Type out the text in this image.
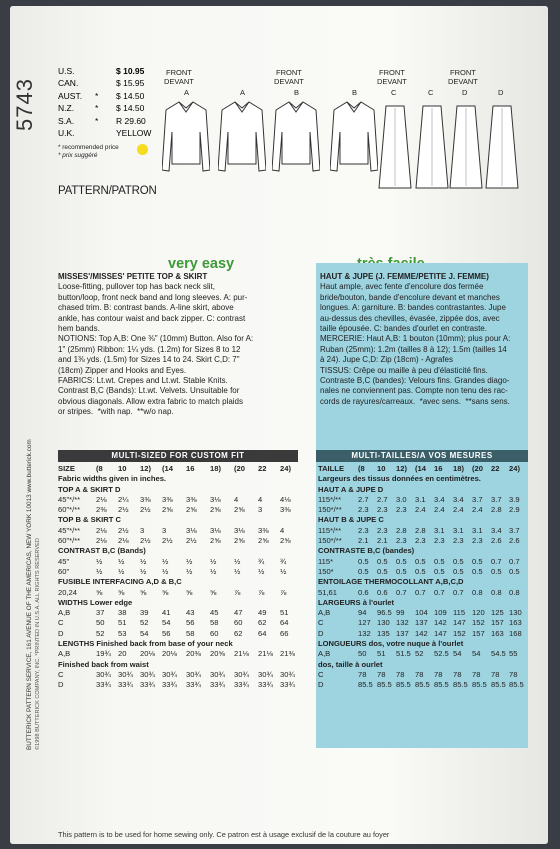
5743
BUTTERICK PATTERN SERVICE, 161 AVENUE OF THE AMERICAS, NEW YORK 10013 www.butterick.com ©1998 BUTTERICK COMPANY, INC. *PRINTED IN U.S.A. ALL RIGHTS RESERVED
U.S.	$ 10.95
CAN.	$ 15.95
AUST. * $ 14.50
N.Z. * $ 14.50
S.A. * R 29.60
U.K.	YELLOW
* recommended price
* prix suggéré
FRONT
DEVANT
A	A
FRONT
DEVANT
B	B
FRONT
DEVANT
C	C
FRONT
DEVANT
D	D
PATTERN/PATRON
very easy
MISSES'/MISSES' PETITE TOP & SKIRT
Loose-fitting, pullover top has back neck slit,
button/loop, front neck band and long sleeves. A: pur-
chased trim. B: contrast bands. A-line skirt, above
ankle, has contour waist and back zipper. C: contrast
hem bands.
NOTIONS: Top A,B: One ⅜" (10mm) Button. Also for A:
1" (25mm) Ribbon: 1¼ yds. (1.2m) for Sizes 8 to 12
and 1⅜ yds. (1.5m) for Sizes 14 to 24. Skirt C,D: 7"
(18cm) Zipper and Hooks and Eyes.
FABRICS: Lt.wt. Crepes and Lt.wt. Stable Knits.
Contrast B,C (Bands): Lt.wt. Velvets. Unsuitable for
obvious diagonals. Allow extra fabric to match plaids
or stripes.  *with nap.  **w/o nap.
HAUT & JUPE (J. FEMME/PETITE J. FEMME)
Haut ample, avec fente d'encolure dos fermée
bride/bouton, bande d'encolure devant et manches
longues. A: garniture. B: bandes contrastantes. Jupe
au-dessus des chevilles, évasée, zippée dos, avec
taille épousée. C: bandes d'ourlet en contraste.
MERCERIE: Haut A,B: 1 bouton (10mm); plus pour A:
Ruban (25mm): 1.2m (tailles 8 à 12); 1.5m (tailles 14
à 24). Jupe C,D: Zip (18cm) - Agrafes
TISSUS: Crêpe ou maille à peu d'élasticité fins.
Contraste B,C (bandes): Velours fins. Grandes diago-
nales ne conviennent pas. Compte non tenu des rac-
cords de rayures/carreaux.  *avec sens.  **sans sens.
MULTI-SIZED FOR CUSTOM FIT	MULTI-TAILLES/A VOS MESURES
SIZE	(8 10 12) (14 16 18) (20 22 24)
Fabric widths given in inches.
TOP A & SKIRT D
45"*/** 2⅛ 2¼ 3⅜ 3⅜ 3⅜ 3⅛ 4	4 4⅛
60"*/** 2⅜ 2½ 2½ 2⅝ 2⅝ 2⅝ 2⅝ 3 3⅜
TOP B & SKIRT C
45"*/** 2⅛ 2½ 3 3	3⅛ 3⅛ 3⅛ 3⅜ 4
60"*/** 2⅛ 2⅛ 2½ 2½ 2½ 2⅝ 2⅝ 2⅝ 2⅝
CONTRAST B,C (Bands)
45"	½ ½ ½ ½ ½ ½ ½ ¾ ¾
60"	½ ½ ½ ½ ½ ½ ½ ½ ½
FUSIBLE INTERFACING A,D & B,C
20,24 ⅝ ⅝ ⅝ ⅝ ⅝ ⅝ ⅞ ⅞ ⅞
WIDTHS Lower edge
A,B	37 38 39 41 43 45 47 49 51
C	50 51 52 54 56 58 60 62 64
D	52 53 54 56 58 60 62 64 66
LENGTHS Finished back from base of your neck
A,B	19¾ 20 20⅛ 20⅛ 20⅜ 20⅝ 21⅛ 21⅛ 21⅜
Finished back from waist
C	30¾ 30¾ 30¾ 30¾ 30¾ 30¾ 30¾ 30¾ 30¾
D	33¾ 33¾ 33¾ 33¾ 33¾ 33¾ 33¾ 33¾ 33¾
TAILLE (8 10 12) (14 16 18) (20 22 24)
Largeurs des tissus données en centimètres.
HAUT A & JUPE D
115*/** 2.7 2.7 3.0 3.1 3.4 3.4 3.7 3.7 3.9
150*/** 2.3 2.3 2.3 2.4 2.4 2.4 2.4 2.8 2.9
HAUT B & JUPE C
115*/** 2.3 2.3 2.8 2.8 3.1 3.1 3.1 3.4 3.7
150*/** 2.1 2.1 2.3 2.3 2.3 2.3 2.3 2.6 2.6
CONTRASTE B,C (bandes)
115*	0.5 0.5 0.5 0.5 0.5 0.5 0.5 0.7 0.7
150*	0.5 0.5 0.5 0.5 0.5 0.5 0.5 0.5 0.5
ENTOILAGE THERMOCOLLANT A,B,C,D
51,61	0.6 0.6 0.7 0.7 0.7 0.7 0.8 0.8 0.8
LARGEURS à l'ourlet
A,B	94 96.5 99 104 109 115 120 125 130
C	127 130 132 137 142 147 152 157 163
D	132 135 137 142 147 152 157 163 168
LONGUEURS dos, votre nuque à l'ourlet
A,B	50 51 51.5 52 52.5 54 54 54.5 55
dos, taille à ourlet
C	78 78 78 78 78 78 78 78 78
D	85.5 85.5 85.5 85.5 85.5 85.5 85.5 85.5 85.5
This pattern is to be used for home sewing only. Ce patron est à usage exclusif de la couture au foyer
